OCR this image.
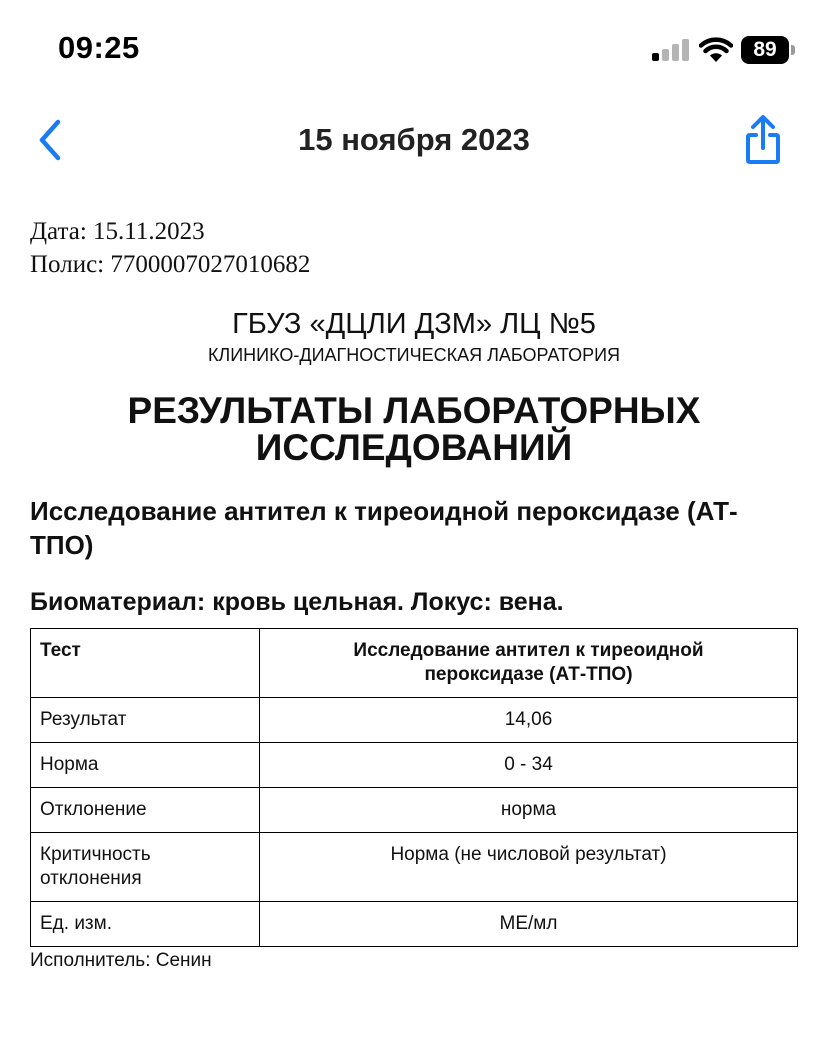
09:25	89
15 ноября 2023
Дата: 15.11.2023
Полис: 7700007027010682
ГБУЗ «ДЦЛИ ДЗМ» ЛЦ №5
КЛИНИКО-ДИАГНОСТИЧЕСКАЯ ЛАБОРАТОРИЯ
РЕЗУЛЬТАТЫ ЛАБОРАТОРНЫХ
ИССЛЕДОВАНИЙ
Исследование антител к тиреоидной пероксидазе (АТ-ТПО)
Биоматериал: кровь цельная. Локус: вена.
Тест	Исследование антител к тиреоидной пероксидазе (АТ-ТПО)
Результат	14,06
Норма	0 - 34
Отклонение	норма
Критичность отклонения	Норма (не числовой результат)
Ед. изм.	МЕ/мл
Исполнитель: Сенин
